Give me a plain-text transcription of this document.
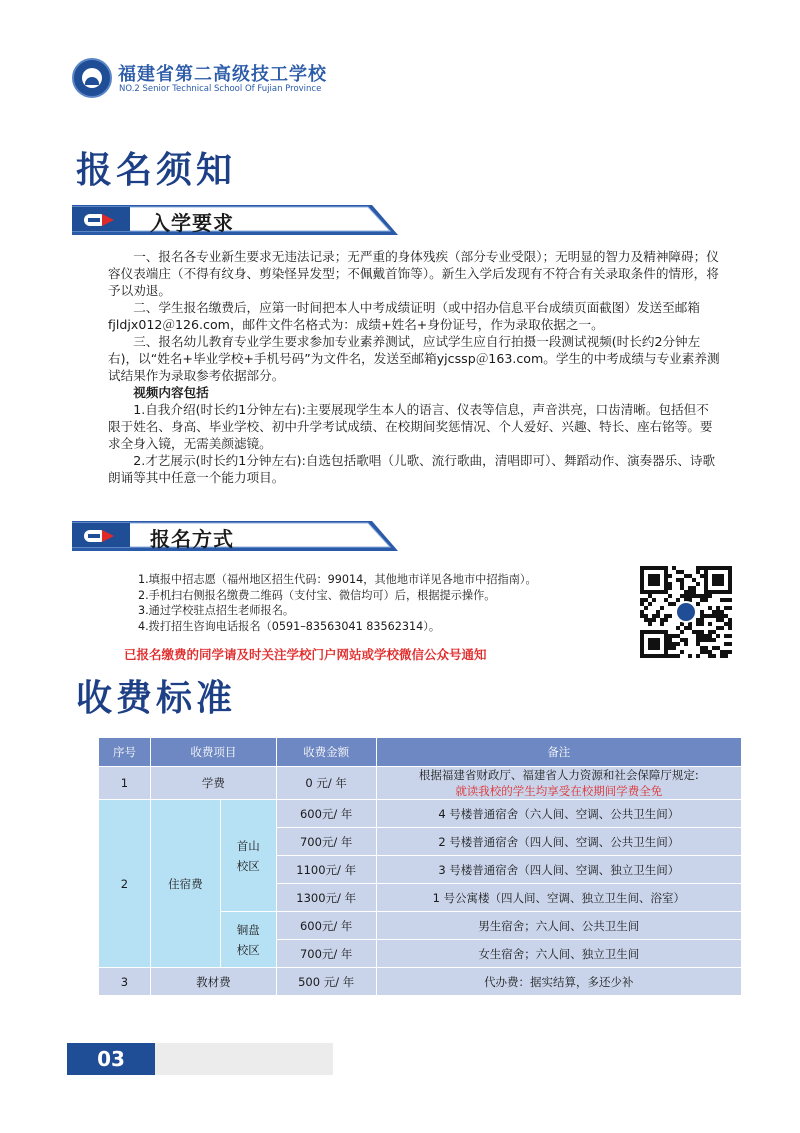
福建省第二高级技工学校
NO.2 Senior Technical School Of Fujian Province
报名须知
入学要求

一、报名各专业新生要求无违法记录；无严重的身体残疾（部分专业受限）；无明显的智力及精神障碍；仪容仪表端庄（不得有纹身、剪染怪异发型；不佩戴首饰等）。新生入学后发现有不符合有关录取条件的情形，将予以劝退。

二、学生报名缴费后，应第一时间把本人中考成绩证明（或中招办信息平台成绩页面截图）发送至邮箱fjldjx012＠126.com，邮件文件名格式为：成绩+姓名+身份证号，作为录取依据之一。

三、报名幼儿教育专业学生要求参加专业素养测试，应试学生应自行拍摄一段测试视频(时长约2分钟左右)，以“姓名+毕业学校+手机号码”为文件名，发送至邮箱yjcssp＠163.com。学生的中考成绩与专业素养测试结果作为录取参考依据部分。

视频内容包括

1.自我介绍(时长约1分钟左右):主要展现学生本人的语言、仪表等信息，声音洪亮，口齿清晰。包括但不限于姓名、身高、毕业学校、初中升学考试成绩、在校期间奖惩情况、个人爱好、兴趣、特长、座右铭等。要求全身入镜，无需美颜滤镜。

2.才艺展示(时长约1分钟左右):自选包括歌唱（儿歌、流行歌曲，清唱即可）、舞蹈动作、演奏器乐、诗歌朗诵等其中任意一个能力项目。

报名方式
1.填报中招志愿（福州地区招生代码：99014，其他地市详见各地市中招指南）。
2.手机扫右侧报名缴费二维码（支付宝、微信均可）后，根据提示操作。
3.通过学校驻点招生老师报名。
4.拨打招生咨询电话报名（0591–83563041 83562314）。
已报名缴费的同学请及时关注学校门户网站或学校微信公众号通知
收费标准
序号	收费项目		收费金额	备注
1	学费		0 元/ 年	根据福建省财政厅、福建省人力资源和社会保障厅规定:
就读我校的学生均享受在校期间学费全免

2	住宿费	首山
校区	600元/ 年	4 号楼普通宿舍（六人间、空调、公共卫生间）
			700元/ 年	2 号楼普通宿舍（四人间、空调、公共卫生间）
			1100元/ 年	3 号楼普通宿舍（四人间、空调、独立卫生间）
			1300元/ 年	1 号公寓楼（四人间、空调、独立卫生间、浴室）
		铜盘
校区	600元/ 年	男生宿舍；六人间、公共卫生间
			700元/ 年	女生宿舍；六人间、独立卫生间
3	教材费		500 元/ 年	代办费：据实结算，多还少补
03
